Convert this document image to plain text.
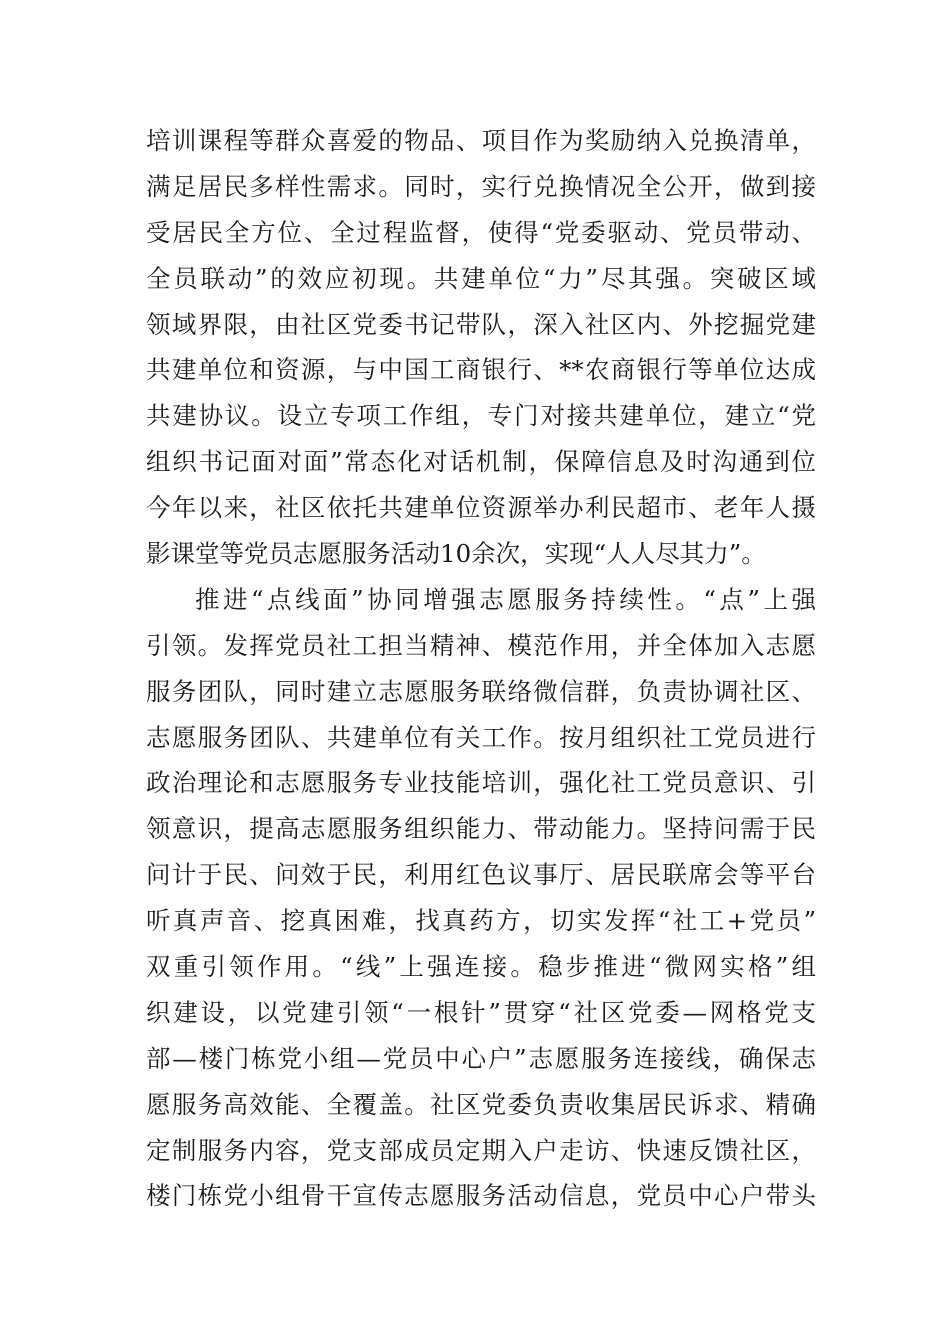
培训课程等群众喜爱的物品、项目作为奖励纳入兑换清单，
满足居民多样性需求。同时，实行兑换情况全公开，做到接
受居民全方位、全过程监督，使得“党委驱动、党员带动、
全员联动”的效应初现。共建单位“力”尽其强。突破区域
领域界限，由社区党委书记带队，深入社区内、外挖掘党建
共建单位和资源，与中国工商银行、**农商银行等单位达成
共建协议。设立专项工作组，专门对接共建单位，建立“党
组织书记面对面”常态化对话机制，保障信息及时沟通到位
今年以来，社区依托共建单位资源举办利民超市、老年人摄
影课堂等党员志愿服务活动10余次，实现“人人尽其力”。
推进“点线面”协同增强志愿服务持续性。“点”上强
引领。发挥党员社工担当精神、模范作用，并全体加入志愿
服务团队，同时建立志愿服务联络微信群，负责协调社区、
志愿服务团队、共建单位有关工作。按月组织社工党员进行
政治理论和志愿服务专业技能培训，强化社工党员意识、引
领意识，提高志愿服务组织能力、带动能力。坚持问需于民
问计于民、问效于民，利用红色议事厅、居民联席会等平台
听真声音、挖真困难，找真药方，切实发挥“社工+党员”
双重引领作用。“线”上强连接。稳步推进“微网实格”组
织建设，以党建引领“一根针”贯穿“社区党委—网格党支
部—楼门栋党小组—党员中心户”志愿服务连接线，确保志
愿服务高效能、全覆盖。社区党委负责收集居民诉求、精确
定制服务内容，党支部成员定期入户走访、快速反馈社区，
楼门栋党小组骨干宣传志愿服务活动信息，党员中心户带头
